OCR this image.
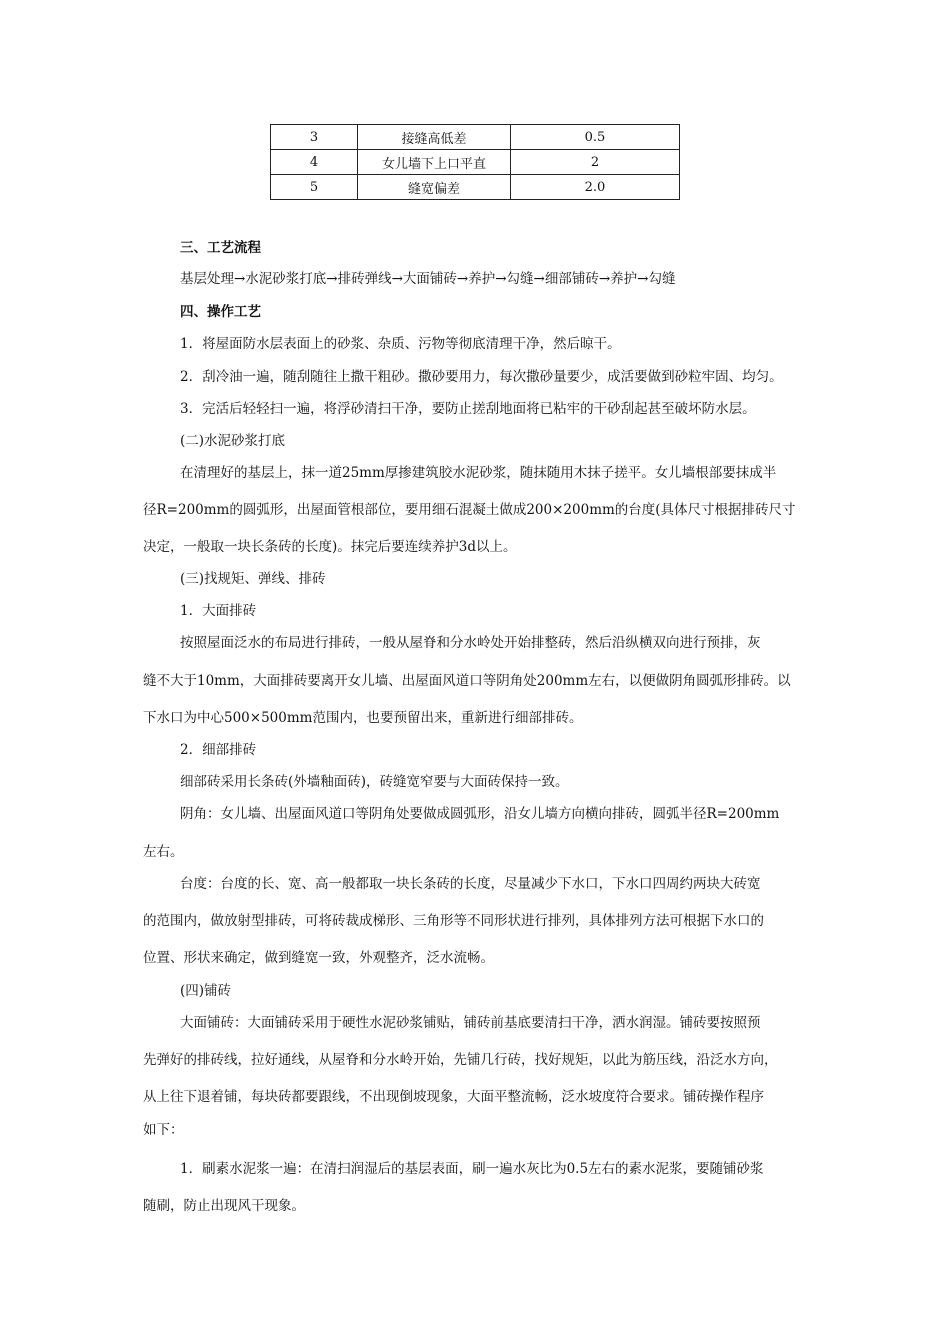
3	接缝高低差	0.5
4	女儿墙下上口平直	2
5	缝宽偏差	2.0
三、工艺流程
基层处理→水泥砂浆打底→排砖弹线→大面铺砖→养护→勾缝→细部铺砖→养护→勾缝
四、操作工艺
1．将屋面防水层表面上的砂浆、杂质、污物等彻底清理干净，然后晾干。
2．刮冷油一遍，随刮随往上撒干粗砂。撒砂要用力，每次撒砂量要少，成活要做到砂粒牢固、均匀。
3．完活后轻轻扫一遍，将浮砂清扫干净，要防止搓刮地面将已粘牢的干砂刮起甚至破坏防水层。
(二)水泥砂浆打底
在清理好的基层上，抹一道25mm厚掺建筑胶水泥砂浆，随抹随用木抹子搓平。女儿墙根部要抹成半
径R=200mm的圆弧形，出屋面管根部位，要用细石混凝土做成200×200mm的台度(具体尺寸根据排砖尺寸
决定，一般取一块长条砖的长度)。抹完后要连续养护3d以上。
(三)找规矩、弹线、排砖
1．大面排砖
按照屋面泛水的布局进行排砖，一般从屋脊和分水岭处开始排整砖，然后沿纵横双向进行预排，灰
缝不大于10mm，大面排砖要离开女儿墙、出屋面风道口等阴角处200mm左右，以便做阴角圆弧形排砖。以
下水口为中心500×500mm范围内，也要预留出来，重新进行细部排砖。
2．细部排砖
细部砖采用长条砖(外墙釉面砖)，砖缝宽窄要与大面砖保持一致。
阴角：女儿墙、出屋面风道口等阴角处要做成圆弧形，沿女儿墙方向横向排砖，圆弧半径R=200mm
左右。
台度：台度的长、宽、高一般都取一块长条砖的长度，尽量减少下水口，下水口四周约两块大砖宽
的范围内，做放射型排砖，可将砖裁成梯形、三角形等不同形状进行排列，具体排列方法可根据下水口的
位置、形状来确定，做到缝宽一致，外观整齐，泛水流畅。
(四)铺砖
大面铺砖：大面铺砖采用于硬性水泥砂浆铺贴，铺砖前基底要清扫干净，洒水润湿。铺砖要按照预
先弹好的排砖线，拉好通线，从屋脊和分水岭开始，先铺几行砖，找好规矩，以此为筋压线，沿泛水方向，
从上往下退着铺，每块砖都要跟线，不出现倒坡现象，大面平整流畅，泛水坡度符合要求。铺砖操作程序
如下：
1．刷素水泥浆一遍：在清扫润湿后的基层表面，刷一遍水灰比为0.5左右的素水泥浆，要随铺砂浆
随刷，防止出现风干现象。
